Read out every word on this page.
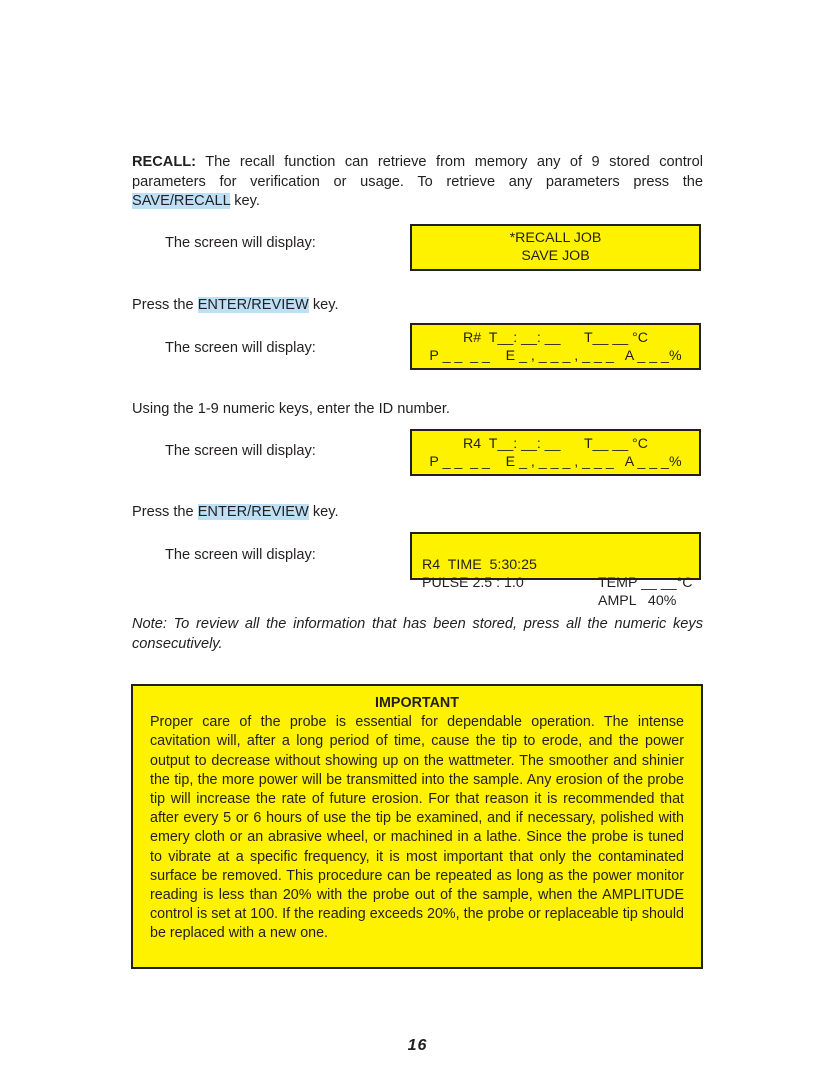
RECALL: The recall function can retrieve from memory any of 9 stored control parameters for verification or usage. To retrieve any parameters press the SAVE/RECALL key.
The screen will display:	*RECALL JOB
SAVE JOB
Press the ENTER/REVIEW key.
The screen will display:
R#  T__: __: __      T__ __ °C
P _ _  _ _    E _ , _ _ _ , _ _ _   A _ _ _%
Using the 1-9 numeric keys, enter the ID number.
The screen will display:	R4  T__: __: __      T__ __ °C
P _ _  _ _    E _ , _ _ _ , _ _ _   A _ _ _%
Press the ENTER/REVIEW key.
The screen will display:

R4  TIME  5:30:25

TEMP __ __°C

PULSE 2.5 : 1.0

AMPL   40%

Note: To review all the information that has been stored, press all the numeric keys consecutively.
IMPORTANT
Proper care of the probe is essential for dependable operation. The intense cavitation will, after a long period of time, cause the tip to erode, and the power output to decrease without showing up on the wattmeter. The smoother and shinier the tip, the more power will be transmitted into the sample. Any erosion of the probe tip will increase the rate of future erosion. For that reason it is recommended that after every 5 or 6 hours of use the tip be examined, and if necessary, polished with emery cloth or an abrasive wheel, or machined in a lathe. Since the probe is tuned to vibrate at a specific frequency, it is most important that only the contaminated surface be removed. This procedure can be repeated as long as the power monitor reading is less than 20% with the probe out of the sample, when the AMPLITUDE control is set at 100. If the reading exceeds 20%, the probe or replaceable tip should be replaced with a new one.
16
